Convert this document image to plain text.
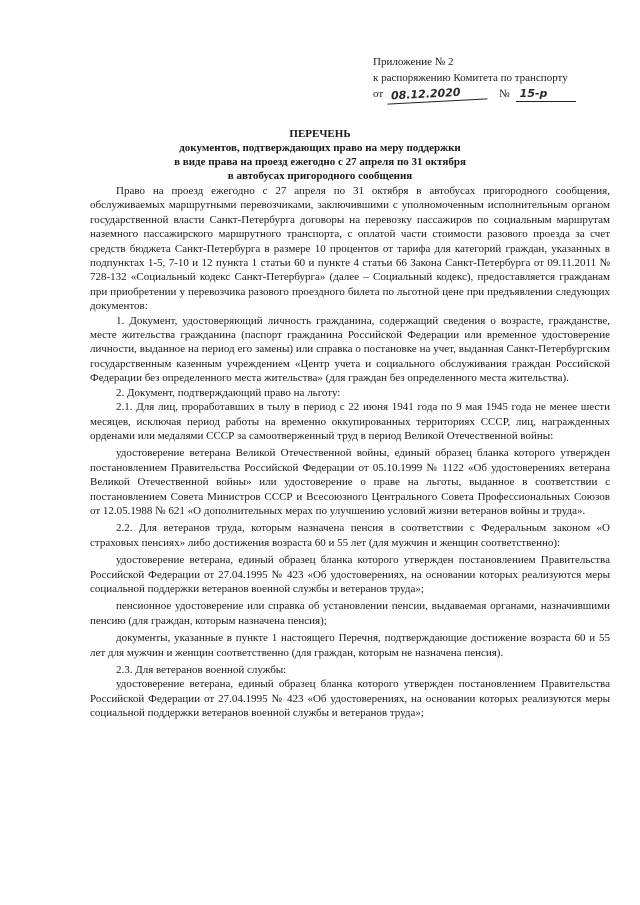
Приложение № 2
к распоряжению Комитета по транспорту
от 08.12.2020	№ 15-р
ПЕРЕЧЕНЬ
документов, подтверждающих право на меру поддержки
в виде права на проезд ежегодно с 27 апреля по 31 октября
в автобусах пригородного сообщения

Право на проезд ежегодно с 27 апреля по 31 октября в автобусах пригородного сообщения, обслуживаемых маршрутными перевозчиками, заключившими с уполномоченным исполнительным органом государственной власти Санкт-Петербурга договоры на перевозку пассажиров по социальным маршрутам наземного пассажирского маршрутного транспорта, с оплатой части стоимости разового проезда за счет средств бюджета Санкт-Петербурга в размере 10 процентов от тарифа для категорий граждан, указанных в подпунктах 1-5, 7-10 и 12 пункта 1 статьи 60 и пункте 4 статьи 66 Закона Санкт-Петербурга от 09.11.2011 № 728-132 «Социальный кодекс Санкт-Петербурга» (далее – Социальный кодекс), предоставляется гражданам при приобретении у перевозчика разового проездного билета по льготной цене при предъявлении следующих документов:

1. Документ, удостоверяющий личность гражданина, содержащий сведения о возрасте, гражданстве, месте жительства гражданина (паспорт гражданина Российской Федерации или временное удостоверение личности, выданное на период его замены) или справка о постановке на учет, выданная Санкт-Петербургским государственным казенным учреждением «Центр учета и социального обслуживания граждан Российской Федерации без определенного места жительства» (для граждан без определенного места жительства).

2. Документ, подтверждающий право на льготу:

2.1. Для лиц, проработавших в тылу в период с 22 июня 1941 года по 9 мая 1945 года не менее шести месяцев, исключая период работы на временно оккупированных территориях СССР, лиц, награжденных орденами или медалями СССР за самоотверженный труд в период Великой Отечественной войны:

удостоверение ветерана Великой Отечественной войны, единый образец бланка которого утвержден постановлением Правительства Российской Федерации от 05.10.1999 № 1122 «Об удостоверениях ветерана Великой Отечественной войны» или удостоверение о праве на льготы, выданное в соответствии с постановлением Совета Министров СССР и Всесоюзного Центрального Совета Профессиональных Союзов от 12.05.1988 № 621 «О дополнительных мерах по улучшению условий жизни ветеранов войны и труда».

2.2. Для ветеранов труда, которым назначена пенсия в соответствии с Федеральным законом «О страховых пенсиях» либо достижения возраста 60 и 55 лет (для мужчин и женщин соответственно):

удостоверение ветерана, единый образец бланка которого утвержден постановлением Правительства Российской Федерации от 27.04.1995 № 423 «Об удостоверениях, на основании которых реализуются меры социальной поддержки ветеранов военной службы и ветеранов труда»;

пенсионное удостоверение или справка об установлении пенсии, выдаваемая органами, назначившими пенсию (для граждан, которым назначена пенсия);

документы, указанные в пункте 1 настоящего Перечня, подтверждающие достижение возраста 60 и 55 лет для мужчин и женщин соответственно (для граждан, которым не назначена пенсия).

2.3. Для ветеранов военной службы:

удостоверение ветерана, единый образец бланка которого утвержден постановлением Правительства Российской Федерации от 27.04.1995 № 423 «Об удостоверениях, на основании которых реализуются меры социальной поддержки ветеранов военной службы и ветеранов труда»;
